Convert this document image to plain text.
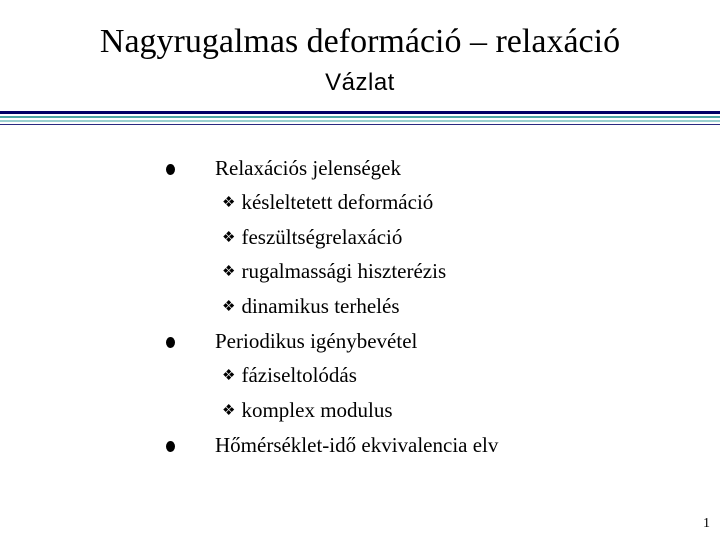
Nagyrugalmas deformáció – relaxáció
Vázlat
Relaxációs jelenségek
❖ késleltetett deformáció
❖ feszültségrelaxáció
❖ rugalmassági hiszterézis
❖ dinamikus terhelés
Periodikus igénybevétel
❖ fáziseltolódás
❖ komplex modulus
Hőmérséklet-idő ekvivalencia elv
1
